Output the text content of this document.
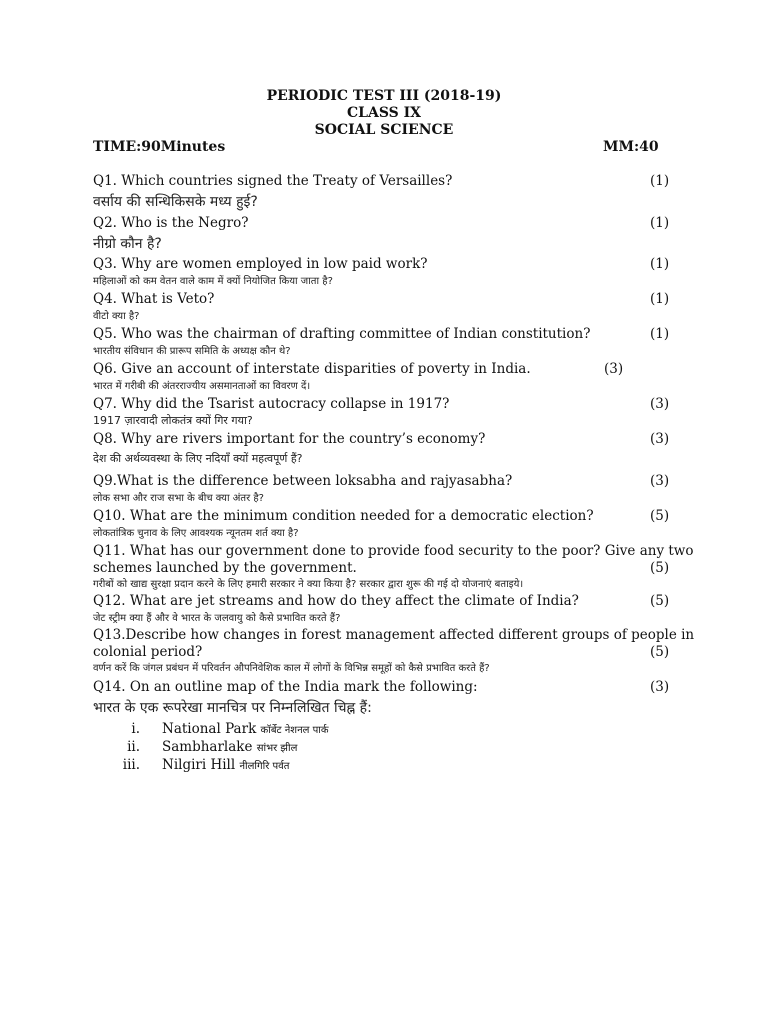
PERIODIC TEST III (2018-19)
CLASS IX
SOCIAL SCIENCE
TIME:90Minutes	MM:40
Q1. Which countries signed the Treaty of Versailles?	(1)
वर्साय की सन्धिकिसके मध्य हुई?
Q2. Who is the Negro?	(1)
नीग्रो कौन है?
Q3. Why are women employed in low paid work?	(1)
महिलाओं को कम वेतन वाले काम में क्यों नियोजित किया जाता है?
Q4. What is Veto?	(1)
वीटो क्या है?
Q5. Who was the chairman of drafting committee of Indian constitution?	(1)
भारतीय संविधान की प्रारूप समिति के अध्यक्ष कौन थे?
Q6. Give an account of interstate disparities of poverty in India.	(3)
भारत में गरीबी की अंतरराज्यीय असमानताओं का विवरण दें।
Q7. Why did the Tsarist autocracy collapse in 1917?	(3)
1917 ज़ारवादी लोकतंत्र क्यों गिर गया?
Q8. Why are rivers important for the country’s economy?	(3)
देश की अर्थव्यवस्था के लिए नदियाँ क्यों महत्वपूर्ण हैं?
Q9.What is the difference between loksabha and rajyasabha?	(3)
लोक सभा और राज सभा के बीच क्या अंतर है?
Q10. What are the minimum condition needed for a democratic election?	(5)
लोकतांत्रिक चुनाव के लिए आवश्यक न्यूनतम शर्त क्या है?
Q11. What has our government done to provide food security to the poor? Give any two
schemes launched by the government.	(5)
गरीबों को खाद्य सुरक्षा प्रदान करने के लिए हमारी सरकार ने क्या किया है? सरकार द्वारा शुरू की गई दो योजनाएं बताइये।
Q12. What are jet streams and how do they affect the climate of India?	(5)
जेट स्ट्रीम क्या हैं और वे भारत के जलवायु को कैसे प्रभावित करते हैं?
Q13.Describe how changes in forest management affected different groups of people in
colonial period?	(5)
वर्णन करें कि जंगल प्रबंधन में परिवर्तन औपनिवेशिक काल में लोगों के विभिन्न समूहों को कैसे प्रभावित करते हैं?
Q14. On an outline map of the India mark the following:	(3)
भारत के एक रूपरेखा मानचित्र पर निम्नलिखित चिह्न हैं:
i. National Park कॉर्बेट नेशनल पार्क
ii. Sambharlake सांभर झील
iii. Nilgiri Hill नीलगिरि पर्वत
